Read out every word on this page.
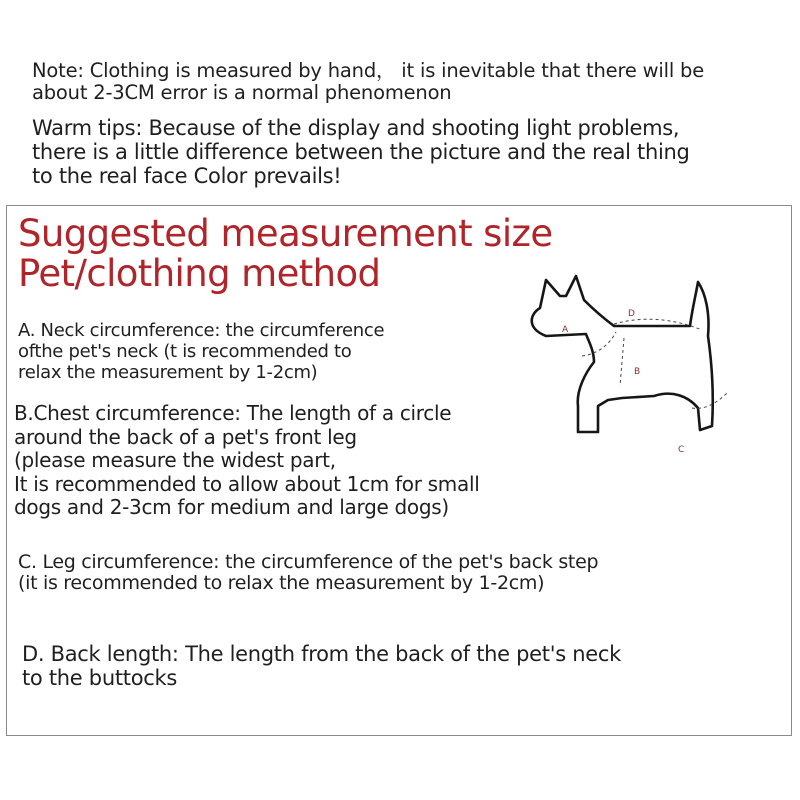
Note: Clothing is measured by hand， it is inevitable that there will be
about 2-3CM error is a normal phenomenon

Warm tips: Because of the display and shooting light problems,
there is a little difference between the picture and the real thing
to the real face Color prevails!

Suggested measurement size
Pet/clothing method

A. Neck circumference: the circumference
ofthe pet's neck (t is recommended to
relax the measurement by 1-2cm)

B.Chest circumference: The length of a circle
around the back of a pet's front leg
(please measure the widest part,
It is recommended to allow about 1cm for small
dogs and 2-3cm for medium and large dogs)

C. Leg circumference: the circumference of the pet's back step
(it is recommended to relax the measurement by 1-2cm)

D. Back length: The length from the back of the pet's neck
to the buttocks

A
D
B
C
